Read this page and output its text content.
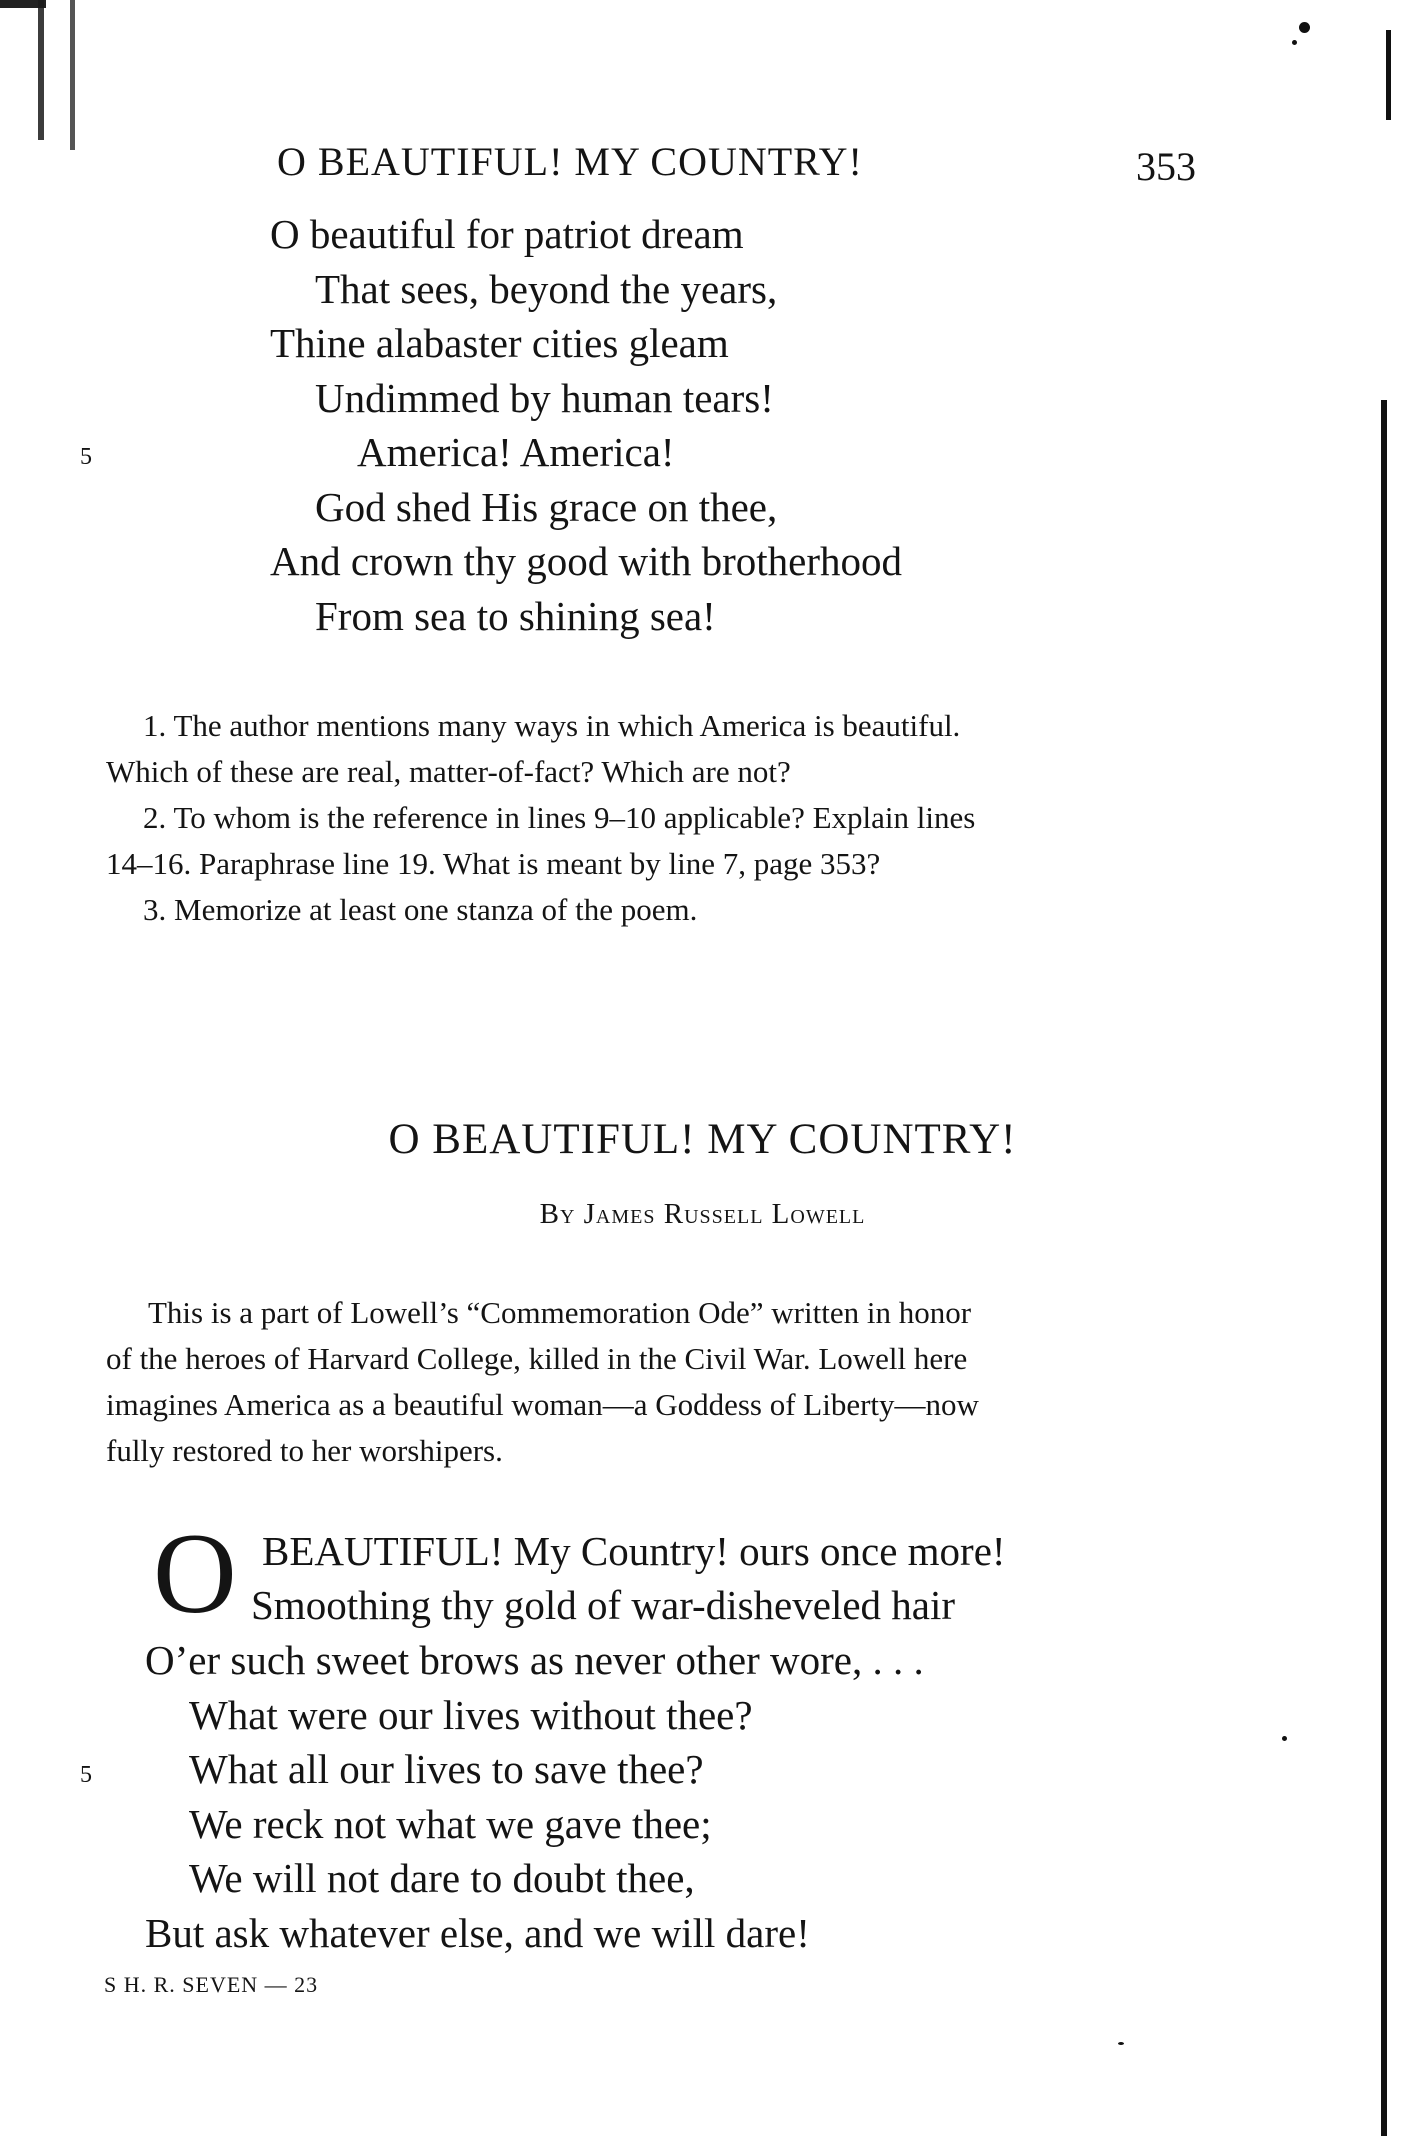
O BEAUTIFUL! MY COUNTRY!	353
O beautiful for patriot dream
That sees, beyond the years,
Thine alabaster cities gleam
Undimmed by human tears!
5	America! America!
God shed His grace on thee,
And crown thy good with brotherhood
From sea to shining sea!
1. The author mentions many ways in which America is beautiful.
Which of these are real, matter-of-fact? Which are not?
2. To whom is the reference in lines 9–10 applicable? Explain lines
14–16. Paraphrase line 19. What is meant by line 7, page 353?
3. Memorize at least one stanza of the poem.
O BEAUTIFUL! MY COUNTRY!
By James Russell Lowell
This is a part of Lowell’s “Commemoration Ode” written in honor
of the heroes of Harvard College, killed in the Civil War. Lowell here
imagines America as a beautiful woman—a Goddess of Liberty—now
fully restored to her worshipers.
O BEAUTIFUL! My Country! ours once more!
Smoothing thy gold of war-disheveled hair
O’er such sweet brows as never other wore, . . .
What were our lives without thee?
5 What all our lives to save thee?
We reck not what we gave thee;
We will not dare to doubt thee,
But ask whatever else, and we will dare!
S H. R. SEVEN — 23
